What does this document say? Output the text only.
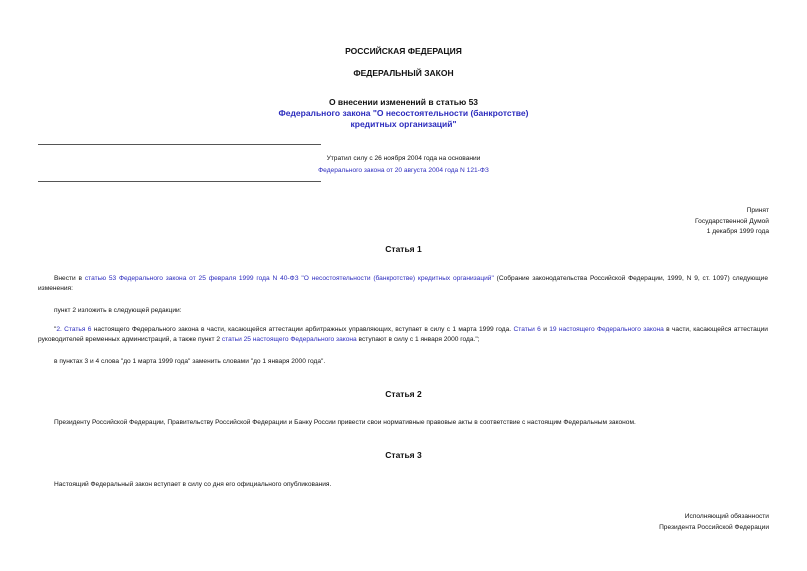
РОССИЙСКАЯ ФЕДЕРАЦИЯ
ФЕДЕРАЛЬНЫЙ ЗАКОН
О внесении изменений в статью 53
Федерального закона "О несостоятельности (банкротстве)
кредитных организаций"
Утратил силу с 26 ноября 2004 года на основании
Федерального закона от 20 августа 2004 года N 121-ФЗ
Принят
Государственной Думой
1 декабря 1999 года
Статья 1
Внести в статью 53 Федерального закона от 25 февраля 1999 года N 40-ФЗ "О несостоятельности (банкротстве) кредитных организаций" (Собрание законодательства Российской Федерации, 1999, N 9, ст. 1097) следующие изменения:
пункт 2 изложить в следующей редакции:
"2. Статья 6 настоящего Федерального закона в части, касающейся аттестации арбитражных управляющих, вступает в силу с 1 марта 1999 года. Статьи 6 и 19 настоящего Федерального закона в части, касающейся аттестации руководителей временных администраций, а также пункт 2 статьи 25 настоящего Федерального закона вступают в силу с 1 января 2000 года.";
в пунктах 3 и 4 слова "до 1 марта 1999 года" заменить словами "до 1 января 2000 года".
Статья 2
Президенту Российской Федерации, Правительству Российской Федерации и Банку России привести свои нормативные правовые акты в соответствие с настоящим Федеральным законом.
Статья 3
Настоящий Федеральный закон вступает в силу со дня его официального опубликования.
Исполняющий обязанности
Президента Российской Федерации
